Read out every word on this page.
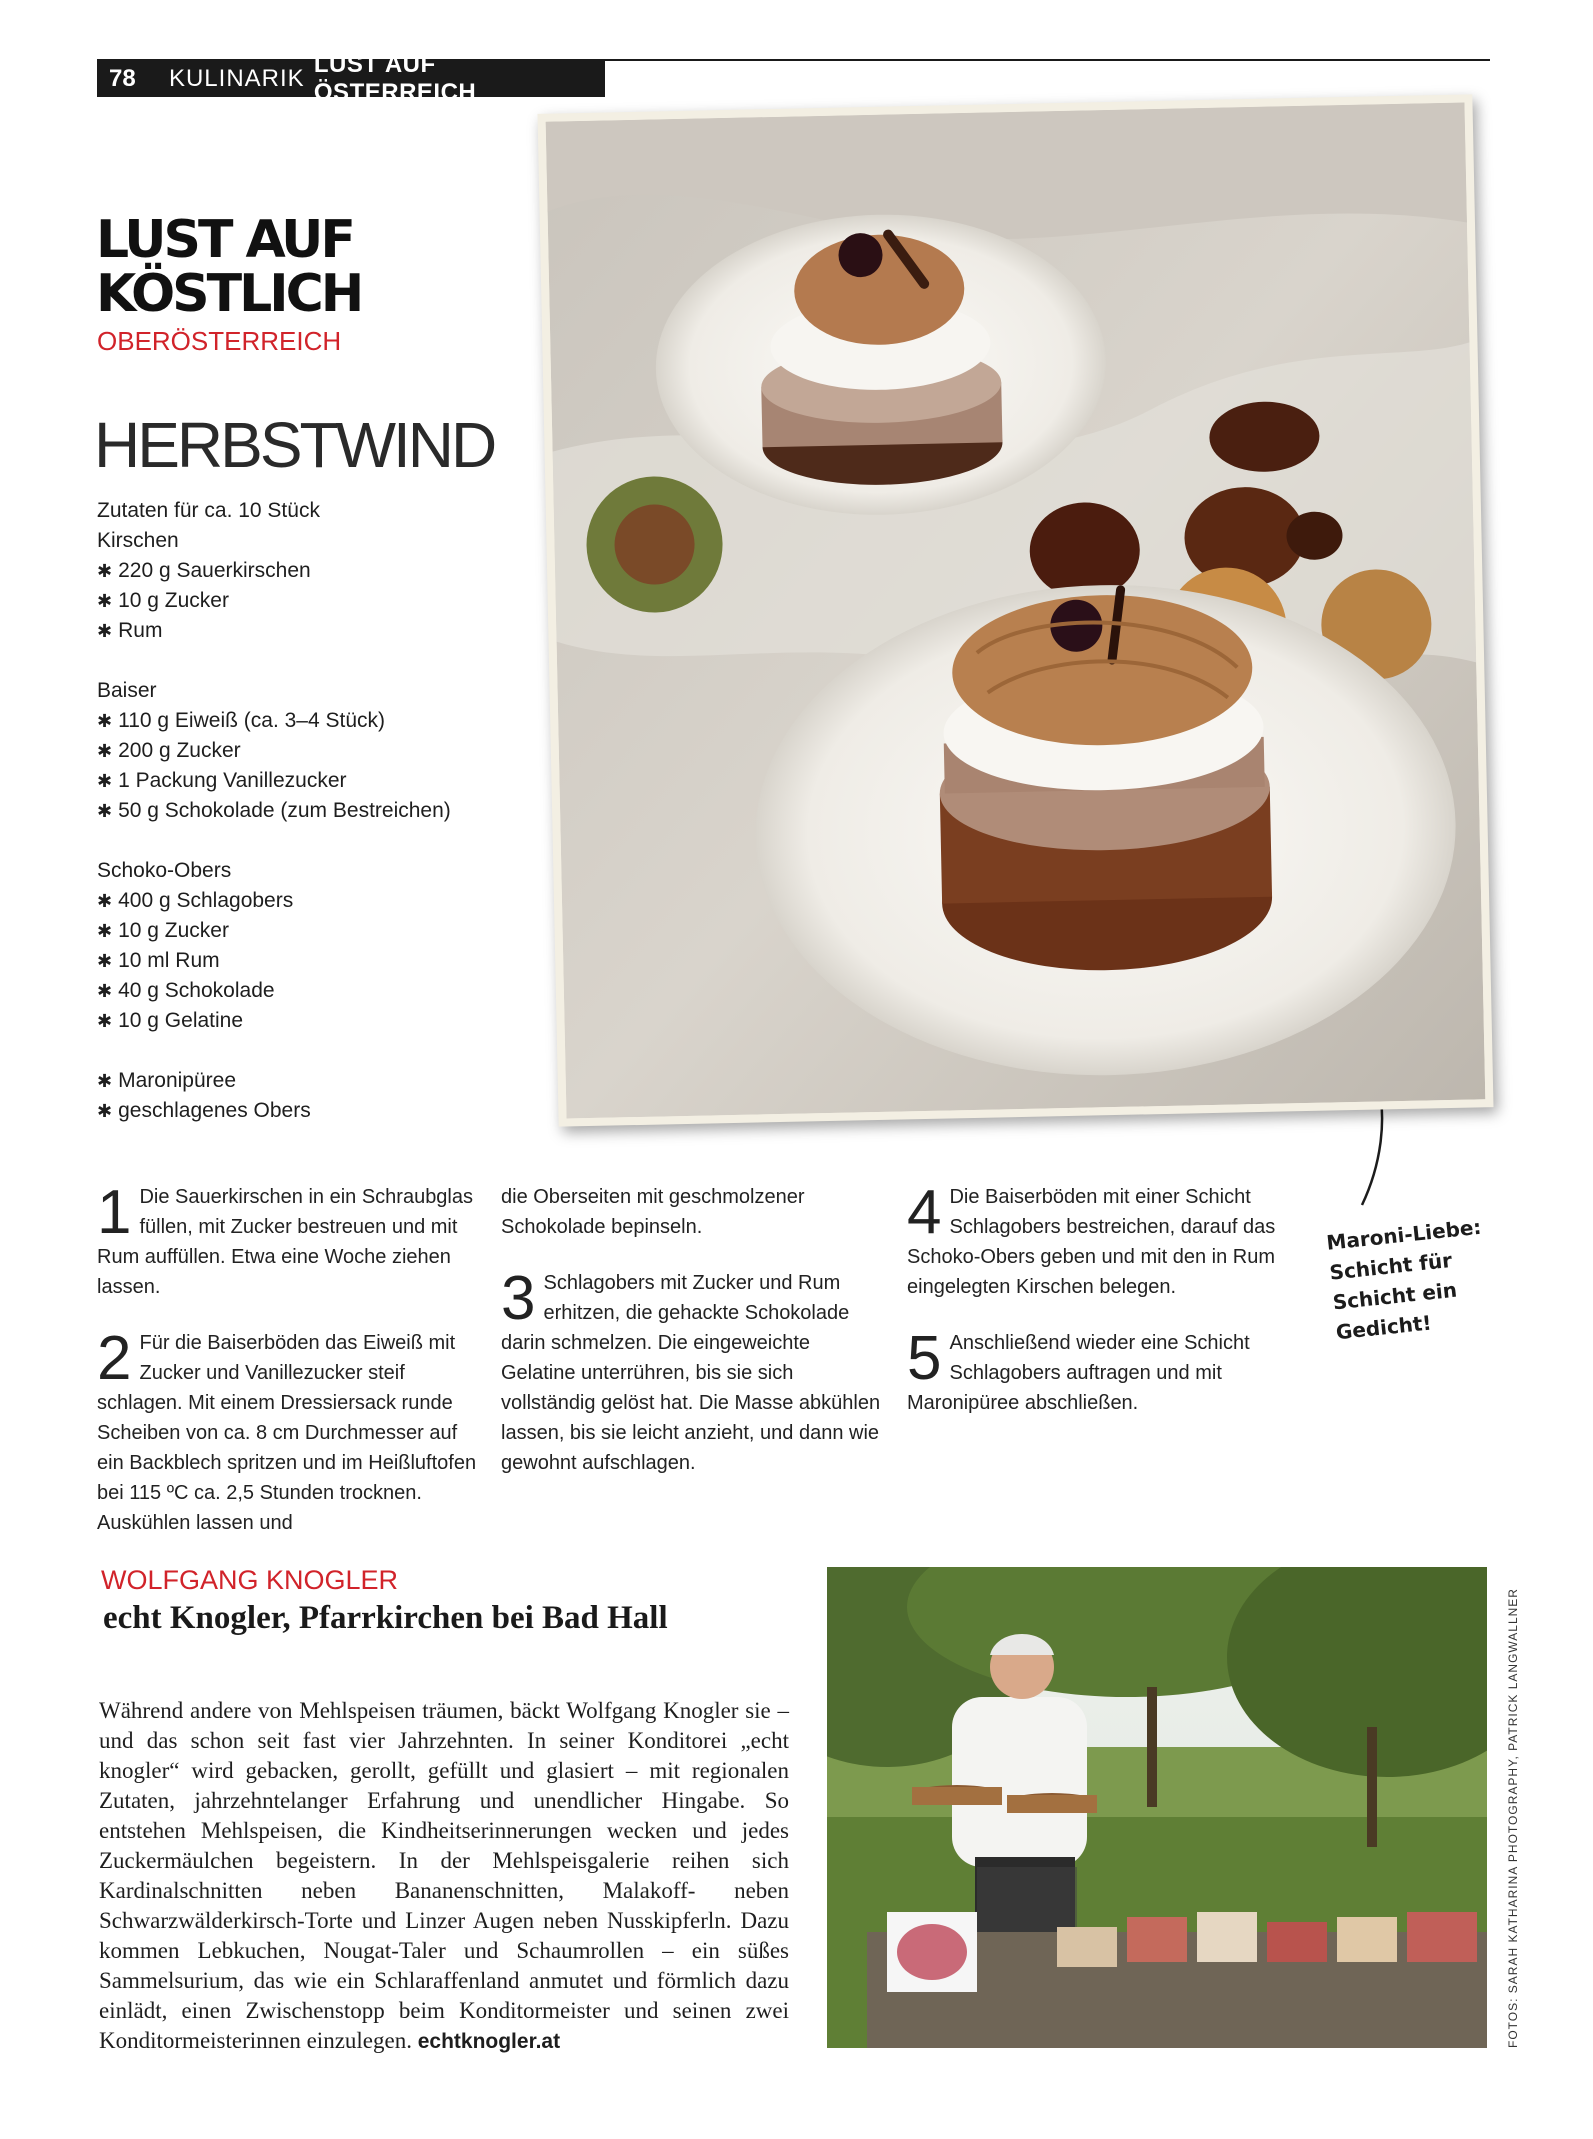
78	KULINARIK
LUST AUF ÖSTERREICH
LUST AUF
KÖSTLICH
OBERÖSTERREICH
HERBSTWIND
Zutaten für ca. 10 Stück
Kirschen
✱ 220 g Sauerkirschen
✱ 10 g Zucker
✱ Rum
Baiser
✱ 110 g Eiweiß (ca. 3–4 Stück)
✱ 200 g Zucker
✱ 1 Packung Vanillezucker
✱ 50 g Schokolade (zum Bestreichen)
Schoko-Obers
✱ 400 g Schlagobers
✱ 10 g Zucker
✱ 10 ml Rum
✱ 40 g Schokolade
✱ 10 g Gelatine
✱ Maronipüree
✱ geschlagenes Obers
1 Die Sauerkirschen in ein Schraubglas füllen, mit Zucker bestreuen und mit Rum auffüllen. Etwa eine Woche ziehen lassen.
2 Für die Baiserböden das Eiweiß mit Zucker und Vanillezucker steif schlagen. Mit einem Dressiersack runde Scheiben von ca. 8 cm Durchmesser auf ein Backblech spritzen und im Heißluftofen bei 115 ºC ca. 2,5 Stunden trocknen. Auskühlen lassen und
die Oberseiten mit geschmolzener Schokolade bepinseln.
3 Schlagobers mit Zucker und Rum erhitzen, die gehackte Schokolade darin schmelzen. Die eingeweichte Gelatine unterrühren, bis sie sich vollständig gelöst hat. Die Masse abkühlen lassen, bis sie leicht anzieht, und dann wie gewohnt aufschlagen.
4 Die Baiserböden mit einer Schicht Schlagobers bestreichen, darauf das Schoko-Obers geben und mit den in Rum eingelegten Kirschen belegen.
5 Anschließend wieder eine Schicht Schlagobers auftragen und mit Maronipüree abschließen.
Maroni-Liebe:
Schicht für
Schicht ein
Gedicht!
WOLFGANG KNOGLER
echt Knogler, Pfarrkirchen bei Bad Hall
Während andere von Mehlspeisen träumen, bäckt Wolfgang Knogler sie – und das schon seit fast vier Jahrzehnten. In seiner Konditorei „echt knogler“ wird gebacken, gerollt, gefüllt und glasiert – mit regionalen Zutaten, jahrzehntelanger Erfahrung und unendlicher Hingabe. So entstehen Mehlspeisen, die Kindheitserinnerungen wecken und jedes Zuckermäulchen begeistern. In der Mehlspeisgalerie reihen sich Kardinalschnitten neben Bananenschnitten, Malakoff- neben Schwarzwälderkirsch-Torte und Linzer Augen neben Nusskipferln. Dazu kommen Lebkuchen, Nougat-Taler und Schaumrollen – ein süßes Sammelsurium, das wie ein Schlaraffenland anmutet und förmlich dazu einlädt, einen Zwischenstopp beim Konditormeister und seinen zwei Konditormeisterinnen einzulegen. echtknogler.at	FOTOS: SARAH KATHARINA PHOTOGRAPHY, PATRICK LANGWALLNER
